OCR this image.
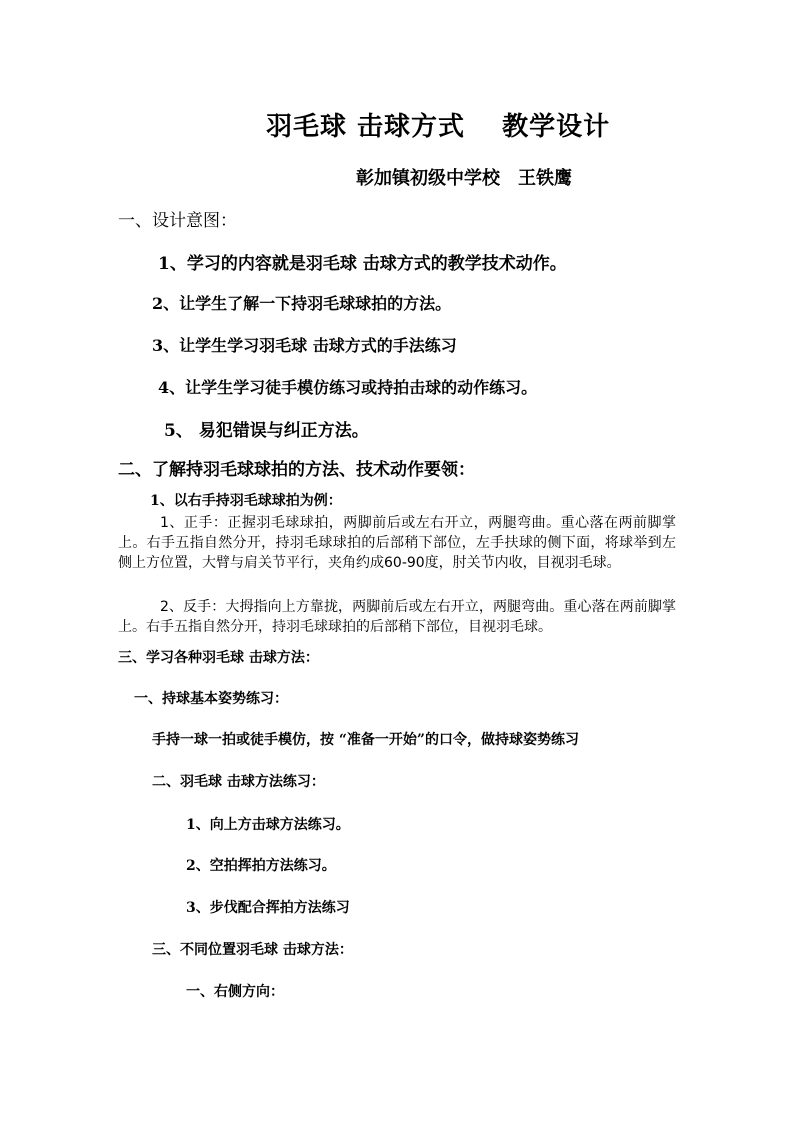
羽毛球 击球方式　 教学设计
彰加镇初级中学校　王铁鹰
一、设计意图：
1、学习的内容就是羽毛球 击球方式的教学技术动作。
2、让学生了解一下持羽毛球球拍的方法。
3、让学生学习羽毛球 击球方式的手法练习
4、让学生学习徒手模仿练习或持拍击球的动作练习。
5、 易犯错误与纠正方法。
二、了解持羽毛球球拍的方法、技术动作要领：
1、以右手持羽毛球球拍为例：
1、正手：正握羽毛球球拍，两脚前后或左右开立，两腿弯曲。重心落在两前脚掌上。右手五指自然分开，持羽毛球球拍的后部稍下部位，左手扶球的侧下面，将球举到左侧上方位置，大臂与肩关节平行，夹角约成60-90度，肘关节内收，目视羽毛球。
2、反手：大拇指向上方靠拢，两脚前后或左右开立，两腿弯曲。重心落在两前脚掌上。右手五指自然分开，持羽毛球球拍的后部稍下部位，目视羽毛球。
三、学习各种羽毛球 击球方法：
一、持球基本姿势练习：
手持一球一拍或徒手模仿，按 “准备一开始”的口令，做持球姿势练习
二、羽毛球 击球方法练习：
1、向上方击球方法练习。
2、空拍挥拍方法练习。
3、步伐配合挥拍方法练习
三、不同位置羽毛球 击球方法：
一、右侧方向：
